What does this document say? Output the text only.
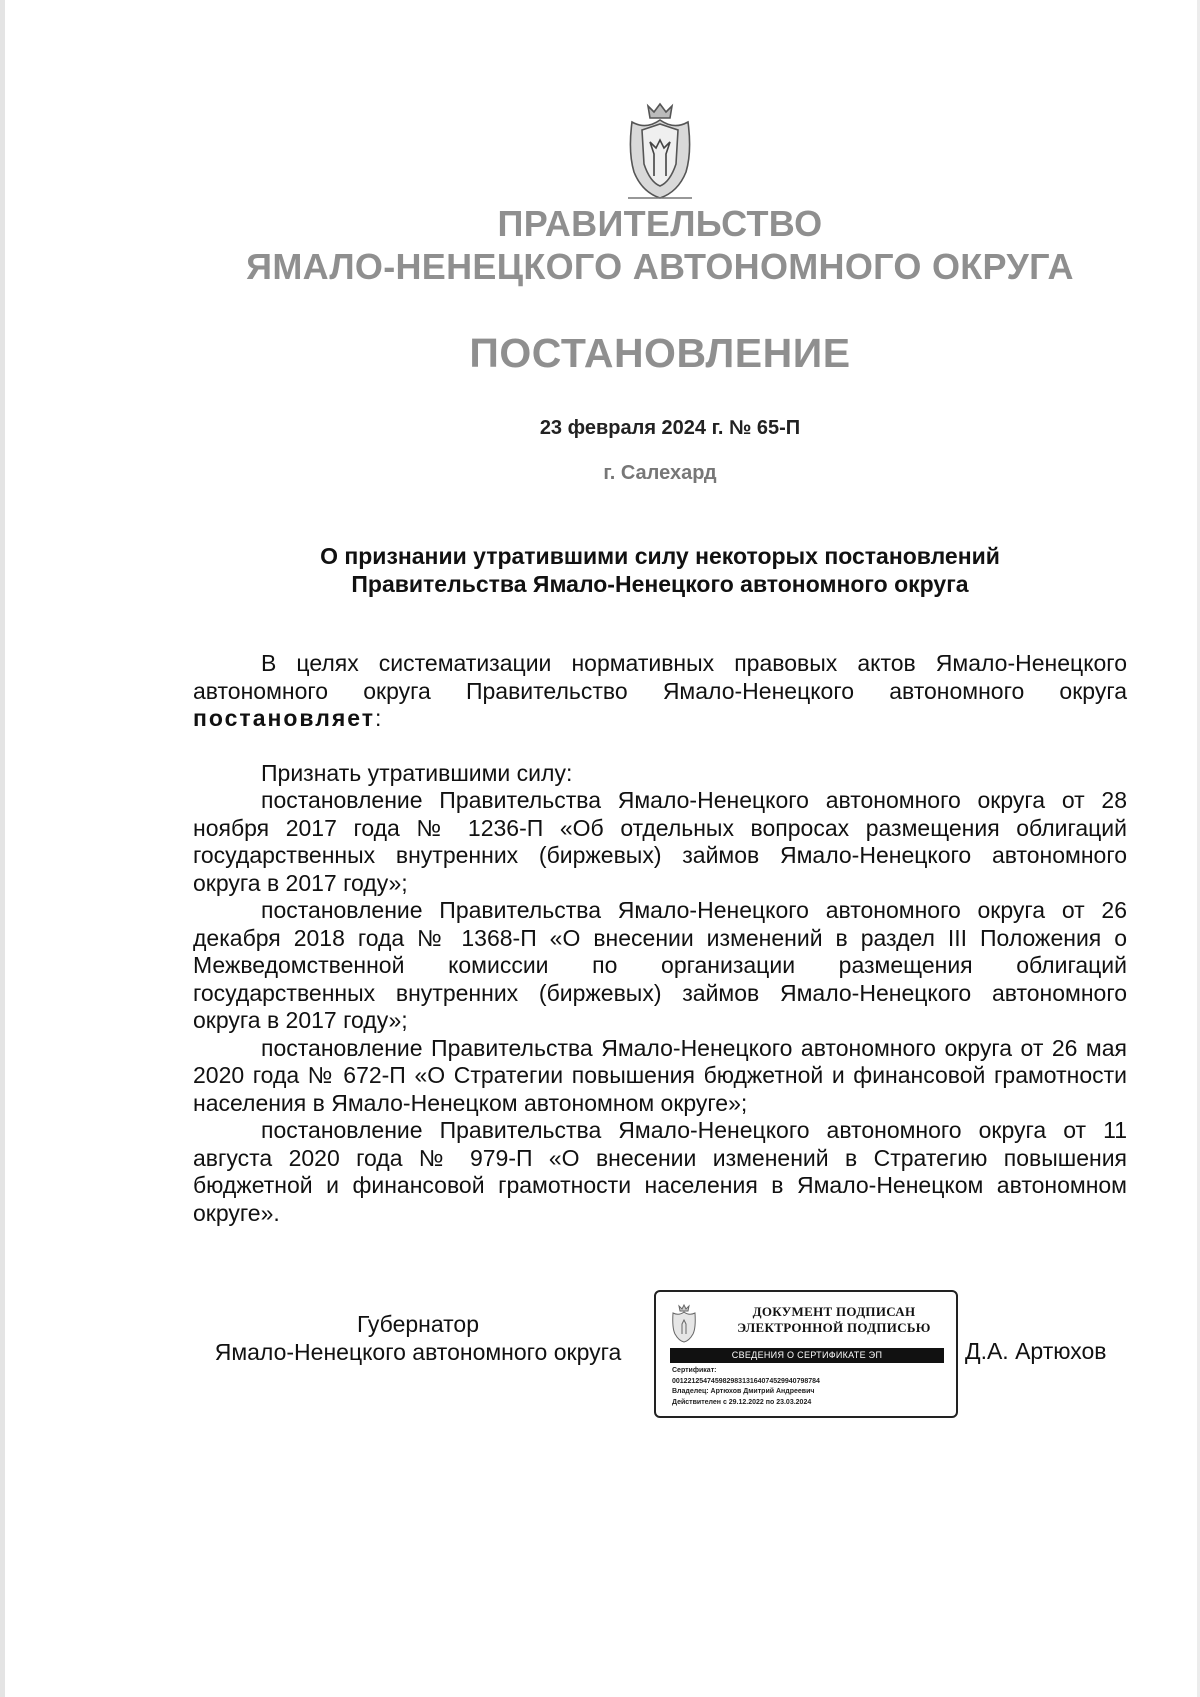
ПРАВИТЕЛЬСТВО
ЯМАЛО-НЕНЕЦКОГО АВТОНОМНОГО ОКРУГА
ПОСТАНОВЛЕНИЕ
23 февраля 2024 г. № 65-П
г. Салехард
О признании утратившими силу некоторых постановлений
Правительства Ямало-Ненецкого автономного округа

В целях систематизации нормативных правовых актов Ямало-Ненецкого автономного округа Правительство Ямало-Ненецкого автономного округа постановляет:

Признать утратившими силу:

постановление Правительства Ямало-Ненецкого автономного округа от 28 ноября 2017 года № 1236-П «Об отдельных вопросах размещения облигаций государственных внутренних (биржевых) займов Ямало-Ненецкого автономного округа в 2017 году»;

постановление Правительства Ямало-Ненецкого автономного округа от 26 декабря 2018 года № 1368-П «О внесении изменений в раздел III Положения о Межведомственной комиссии по организации размещения облигаций государственных внутренних (биржевых) займов Ямало-Ненецкого автономного округа в 2017 году»;

постановление Правительства Ямало-Ненецкого автономного округа от 26 мая 2020 года № 672-П «О Стратегии повышения бюджетной и финансовой грамотности населения в Ямало-Ненецком автономном округе»;

постановление Правительства Ямало-Ненецкого автономного округа от 11 августа 2020 года № 979-П «О внесении изменений в Стратегию повышения бюджетной и финансовой грамотности населения в Ямало-Ненецком автономном округе».

Губернатор
Ямало-Ненецкого автономного округа
ДОКУМЕНТ ПОДПИСАН
ЭЛЕКТРОННОЙ ПОДПИСЬЮ
СВЕДЕНИЯ О СЕРТИФИКАТЕ ЭП
Сертификат:
00122125474598298313164074529940798784
Владелец: Артюхов Дмитрий Андреевич
Действителен с 29.12.2022 по 23.03.2024
Д.А. Артюхов
